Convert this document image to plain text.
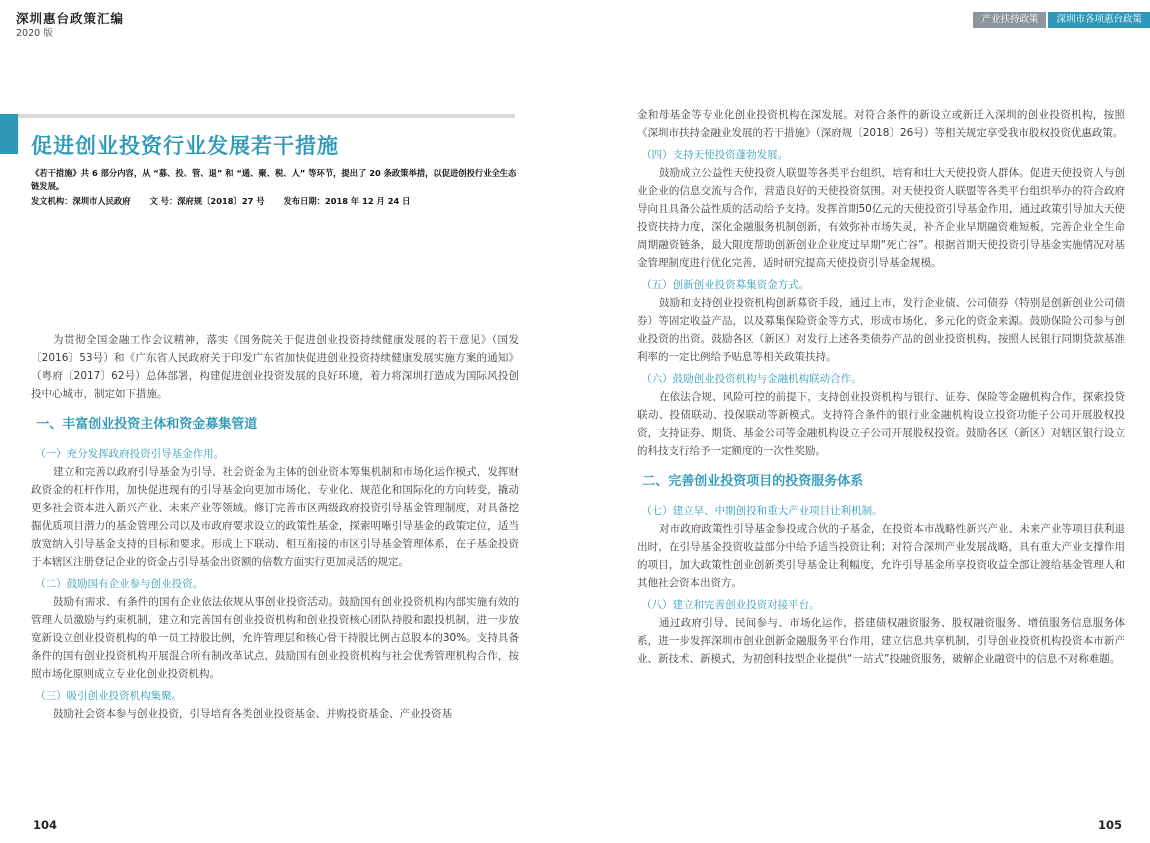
深圳惠台政策汇编
2020 版
产业扶持政策	深圳市各项惠台政策
促进创业投资行业发展若干措施

《若干措施》共 6 部分内容，从 “募、投、管、退” 和 “通、聚、税、人” 等环节，提出了 20 条政策举措，以促进创投行业全生态链发展。

发文机构：深圳市人民政府 文 号：深府规〔2018〕27 号 发布日期：2018 年 12 月 24 日

为贯彻全国金融工作会议精神，落实《国务院关于促进创业投资持续健康发展的若干意见》（国发〔2016〕53号）和《广东省人民政府关于印发广东省加快促进创业投资持续健康发展实施方案的通知》（粤府〔2017〕62号）总体部署，构建促进创业投资发展的良好环境，着力将深圳打造成为国际风投创投中心城市，制定如下措施。

一、丰富创业投资主体和资金募集管道

（一）充分发挥政府投资引导基金作用。

建立和完善以政府引导基金为引导、社会资金为主体的创业资本筹集机制和市场化运作模式，发挥财政资金的杠杆作用，加快促进现有的引导基金向更加市场化、专业化、规范化和国际化的方向转变，撬动更多社会资本进入新兴产业、未来产业等领域。修订完善市区两级政府投资引导基金管理制度，对具备挖掘优质项目潜力的基金管理公司以及市政府要求设立的政策性基金，探索明晰引导基金的政策定位，适当放宽纳入引导基金支持的目标和要求。形成上下联动、相互衔接的市区引导基金管理体系，在子基金投资于本辖区注册登记企业的资金占引导基金出资额的倍数方面实行更加灵活的规定。

（二）鼓励国有企业参与创业投资。

鼓励有需求、有条件的国有企业依法依规从事创业投资活动。鼓励国有创业投资机构内部实施有效的管理人员激励与约束机制，建立和完善国有创业投资机构和创业投资核心团队持股和跟投机制，进一步放宽新设立创业投资机构的单一员工持股比例，允许管理层和核心骨干持股比例占总股本的30%。支持具备条件的国有创业投资机构开展混合所有制改革试点，鼓励国有创业投资机构与社会优秀管理机构合作，按照市场化原则成立专业化创业投资机构。

（三）吸引创业投资机构集聚。

鼓励社会资本参与创业投资，引导培育各类创业投资基金、并购投资基金、产业投资基

金和母基金等专业化创业投资机构在深发展。对符合条件的新设立或新迁入深圳的创业投资机构，按照《深圳市扶持金融业发展的若干措施》（深府规〔2018〕26号）等相关规定享受我市股权投资优惠政策。

（四）支持天使投资蓬勃发展。

鼓励成立公益性天使投资人联盟等各类平台组织，培育和壮大天使投资人群体。促进天使投资人与创业企业的信息交流与合作，营造良好的天使投资氛围。对天使投资人联盟等各类平台组织举办的符合政府导向且具备公益性质的活动给予支持。发挥首期50亿元的天使投资引导基金作用，通过政策引导加大天使投资扶持力度，深化金融服务机制创新，有效弥补市场失灵，补齐企业早期融资难短板，完善企业全生命周期融资链条，最大限度帮助创新创业企业度过早期“死亡谷”。根据首期天使投资引导基金实施情况对基金管理制度进行优化完善，适时研究提高天使投资引导基金规模。

（五）创新创业投资募集资金方式。

鼓励和支持创业投资机构创新募资手段，通过上市，发行企业债、公司债券（特别是创新创业公司债券）等固定收益产品，以及募集保险资金等方式，形成市场化、多元化的资金来源。鼓励保险公司参与创业投资的出资。鼓励各区（新区）对发行上述各类债券产品的创业投资机构，按照人民银行同期贷款基准利率的一定比例给予贴息等相关政策扶持。

（六）鼓励创业投资机构与金融机构联动合作。

在依法合规、风险可控的前提下，支持创业投资机构与银行、证券、保险等金融机构合作，探索投贷联动、投债联动、投保联动等新模式。支持符合条件的银行业金融机构设立投资功能子公司开展股权投资，支持证券、期货、基金公司等金融机构设立子公司开展股权投资。鼓励各区（新区）对辖区银行设立的科技支行给予一定额度的一次性奖励。

二、完善创业投资项目的投资服务体系

（七）建立早、中期创投和重大产业项目让利机制。

对市政府政策性引导基金参投或合伙的子基金，在投资本市战略性新兴产业、未来产业等项目获利退出时，在引导基金投资收益部分中给予适当投资让利；对符合深圳产业发展战略，具有重大产业支撑作用的项目，加大政策性创业创新类引导基金让利幅度，允许引导基金所享投资收益全部让渡给基金管理人和其他社会资本出资方。

（八）建立和完善创业投资对接平台。

通过政府引导、民间参与、市场化运作，搭建债权融资服务、股权融资服务、增值服务信息服务体系，进一步发挥深圳市创业创新金融服务平台作用，建立信息共享机制，引导创业投资机构投资本市新产业、新技术、新模式，为初创科技型企业提供“一站式”投融资服务，破解企业融资中的信息不对称难题。

104	105
